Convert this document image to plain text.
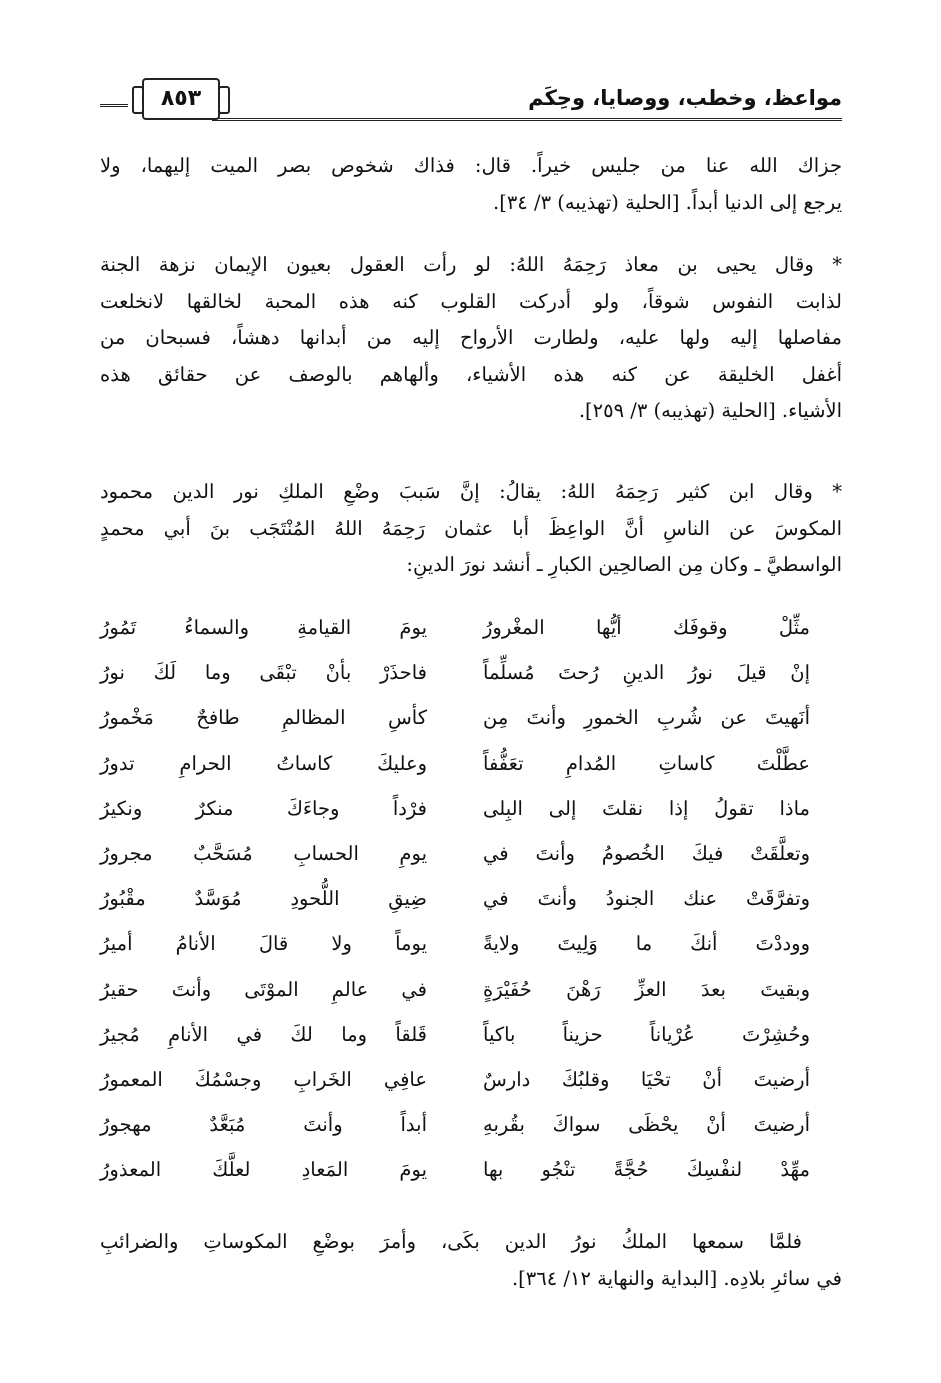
مواعظ، وخطب، ووصايا، وحِكَم
٨٥٣
جزاك الله عنا من جليس خيراً. قال: فذاك شخوص بصر الميت إليهما، ولا
يرجع إلى الدنيا أبداً. [الحلية (تهذيبه) ٣/ ٣٤].
* وقال يحيى بن معاذ رَحِمَهُ اللهُ: لو رأت العقول بعيون الإيمان نزهة الجنة
لذابت النفوس شوقاً، ولو أدركت القلوب كنه هذه المحبة لخالقها لانخلعت
مفاصلها إليه ولها عليه، ولطارت الأرواح إليه من أبدانها دهشاً، فسبحان من
أغفل الخليقة عن كنه هذه الأشياء، وألهاهم بالوصف عن حقائق هذه
الأشياء. [الحلية (تهذيبه) ٣/ ٢٥٩].
* وقال ابن كثير رَحِمَهُ اللهُ: يقالُ: إنَّ سَببَ وضْعِ الملكِ نور الدين محمود
المكوسَ عن الناسِ أنَّ الواعِظَ أبا عثمان رَحِمَهُ اللهُ المُنْتَجَب بنَ أبي محمدٍ
الواسطيَّ ـ وكان مِن الصالحِين الكبارِ ـ أنشد نورَ الدينِ:
مثِّلْ وقوفَك أيُّها المغْرورُ
يومَ القيامةِ والسماءُ تَمُورُ
إنْ قيلَ نورُ الدينِ رُحتَ مُسلِّماً
فاحذَرْ بأنْ تبْقَى وما لَكَ نورُ
أنَهيتَ عن شُربِ الخمورِ وأنتَ مِن
كأسِ المظالمِ طافحٌ مَخْمورُ
عطَّلْتَ كاساتِ المُدامِ تعَفُّفاً
وعليكَ كاساتُ الحرامِ تدورُ
ماذا تقولُ إذا نقلتَ إلى البِلى
فرْداً وجاءَكَ منكرٌ ونكيرُ
وتعلَّقَتْ فيكَ الخُصومُ وأنتَ في
يومِ الحسابِ مُسَحَّبٌ مجرورُ
وتفرَّقَتْ عنك الجنودُ وأنتَ في
ضِيقِ اللُّحودِ مُوَسَّدٌ مقْبُورُ
ووددْتَ أنكَ ما وَلِيتَ ولايةً
يوماً ولا قالَ الأنامُ أميرُ
وبقيتَ بعدَ العزِّ رَهْنَ حُفَيْرَةٍ
في عالمِ الموْتَى وأنتَ حقيرُ
وحُشِرْتَ عُرْياناً حزيناً باكياً
قَلقاً وما لكَ في الأنامِ مُجيرُ
أرضيتَ أنْ تحْيَا وقلبُكَ دارسٌ
عافِي الخَرابِ وجسْمُكَ المعمورُ
أرضيتَ أنْ يحْظَى سواكَ بقُربهِ
أبداً وأنتَ مُبَعَّدٌ مهجورُ
مهِّدْ لنفْسِكَ حُجَّةً تنْجُو بها
يومَ المَعادِ لعلَّكَ المعذورُ
فلمَّا سمعها الملكُ نورُ الدين بكَى، وأمرَ بوضْعِ المكوساتِ والضرائبِ
في سائرِ بلادِه. [البداية والنهاية ١٢/ ٣٦٤].
